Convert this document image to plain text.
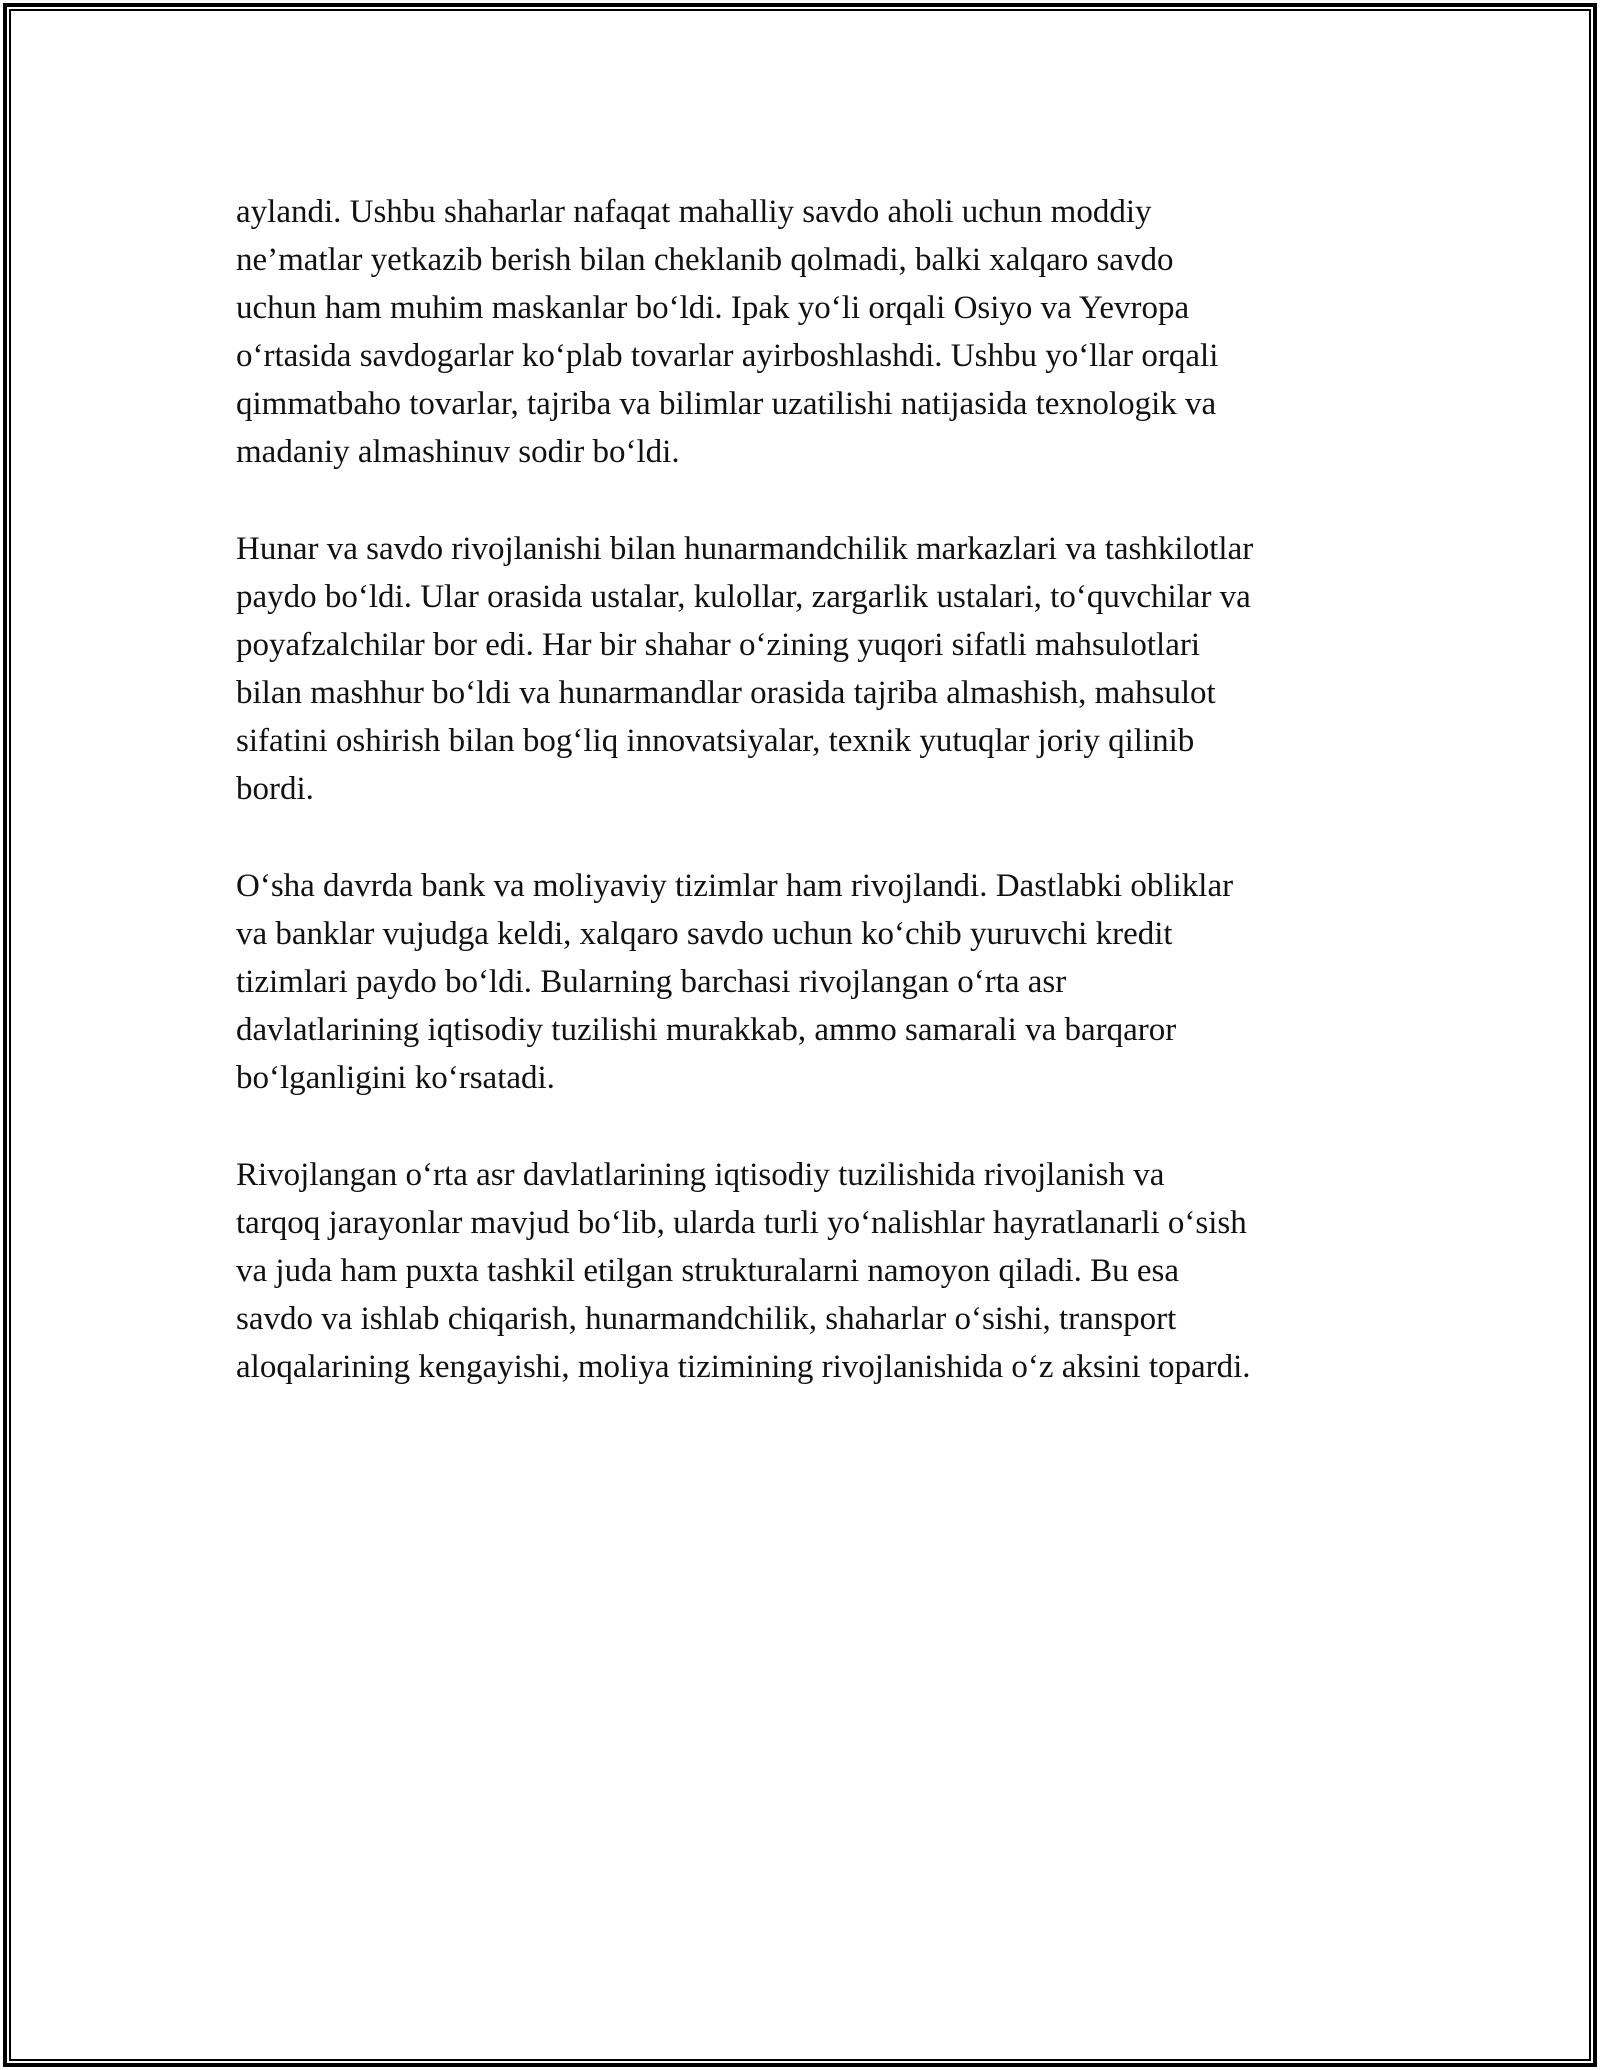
aylandi. Ushbu shaharlar nafaqat mahalliy savdo aholi uchun moddiy
ne’matlar yetkazib berish bilan cheklanib qolmadi, balki xalqaro savdo
uchun ham muhim maskanlar bo‘ldi. Ipak yo‘li orqali Osiyo va Yevropa
o‘rtasida savdogarlar ko‘plab tovarlar ayirboshlashdi. Ushbu yo‘llar orqali
qimmatbaho tovarlar, tajriba va bilimlar uzatilishi natijasida texnologik va
madaniy almashinuv sodir bo‘ldi.

Hunar va savdo rivojlanishi bilan hunarmandchilik markazlari va tashkilotlar
paydo bo‘ldi. Ular orasida ustalar, kulollar, zargarlik ustalari, to‘quvchilar va
poyafzalchilar bor edi. Har bir shahar o‘zining yuqori sifatli mahsulotlari
bilan mashhur bo‘ldi va hunarmandlar orasida tajriba almashish, mahsulot
sifatini oshirish bilan bog‘liq innovatsiyalar, texnik yutuqlar joriy qilinib
bordi.

O‘sha davrda bank va moliyaviy tizimlar ham rivojlandi. Dastlabki obliklar
va banklar vujudga keldi, xalqaro savdo uchun ko‘chib yuruvchi kredit
tizimlari paydo bo‘ldi. Bularning barchasi rivojlangan o‘rta asr
davlatlarining iqtisodiy tuzilishi murakkab, ammo samarali va barqaror
bo‘lganligini ko‘rsatadi.

Rivojlangan o‘rta asr davlatlarining iqtisodiy tuzilishida rivojlanish va
tarqoq jarayonlar mavjud bo‘lib, ularda turli yo‘nalishlar hayratlanarli o‘sish
va juda ham puxta tashkil etilgan strukturalarni namoyon qiladi. Bu esa
savdo va ishlab chiqarish, hunarmandchilik, shaharlar o‘sishi, transport
aloqalarining kengayishi, moliya tizimining rivojlanishida o‘z aksini topardi.
